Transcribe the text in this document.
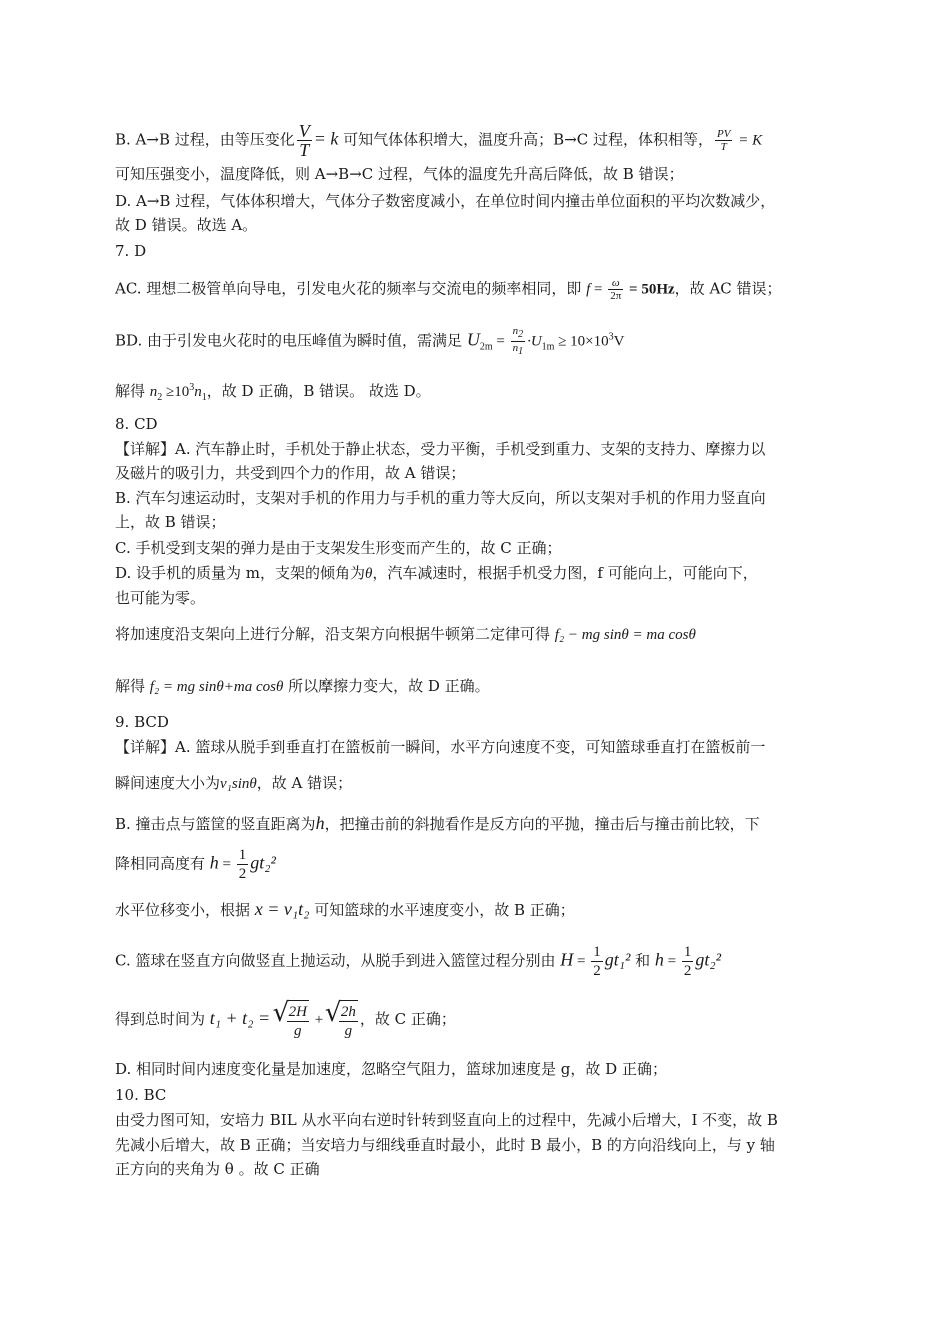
B. A→B 过程，由等压变化 $\frac{V}{T} = k$ 可知气体体积增大，温度升高；B→C 过程，体积相等， $\frac{PV}{T} = K$
可知压强变小，温度降低，则 A→B→C 过程，气体的温度先升高后降低，故 B 错误；
D. A→B 过程，气体体积增大，气体分子数密度减小，在单位时间内撞击单位面积的平均次数减少，
故 D 错误。故选 A。
7. D
AC. 理想二极管单向导电，引发电火花的频率与交流电的频率相同，即 $f = \frac{\omega}{2\pi} = 50Hz$，故 AC 错误；
BD. 由于引发电火花时的电压峰值为瞬时值，需满足 $U_{2m} = \frac{n_2}{n_1} \cdot U_{1m} \ge 10\times 10^3V$
解得 $n_2 \ge 10^3n_1$，故 D 正确，B 错误。 故选 D。
8. CD
【详解】A. 汽车静止时，手机处于静止状态，受力平衡，手机受到重力、支架的支持力、摩擦力以
及磁片的吸引力，共受到四个力的作用，故 A 错误；
B. 汽车匀速运动时，支架对手机的作用力与手机的重力等大反向，所以支架对手机的作用力竖直向
上，故 B 错误；
C. 手机受到支架的弹力是由于支架发生形变而产生的，故 C 正确；
D. 设手机的质量为 m，支架的倾角为θ，汽车减速时，根据手机受力图，f 可能向上，可能向下，
也可能为零。
将加速度沿支架向上进行分解，沿支架方向根据牛顿第二定律可得 f₂ − mg sinθ = ma cosθ
解得 f₂ = mg sinθ+ma cosθ 所以摩擦力变大，故 D 正确。
9. BCD
【详解】A. 篮球从脱手到垂直打在篮板前一瞬间，水平方向速度不变，可知篮球垂直打在篮板前一
瞬间速度大小为v₁sinθ，故 A 错误；
B. 撞击点与篮筐的竖直距离为h，把撞击前的斜抛看作是反方向的平抛，撞击后与撞击前比较，下
降相同高度有 $h = \frac{1}{2} gt_2^2$
水平位移变小，根据 x = v₁t₂ 可知篮球的水平速度变小，故 B 正确；
C. 篮球在竖直方向做竖直上抛运动，从脱手到进入篮筐过程分别由 $H = \frac{1}{2} gt_1^2$ 和 $h = \frac{1}{2} gt_2^2$
得到总时间为 t₁ + t₂ = √ $\frac{2H}{g}$ + √ $\frac{2h}{g}$ ，故 C 正确；
D. 相同时间内速度变化量是加速度，忽略空气阻力，篮球加速度是 g，故 D 正确；
10. BC
由受力图可知，安培力 BIL 从水平向右逆时针转到竖直向上的过程中，先减小后增大，I 不变，故 B
先减小后增大，故 B 正确；当安培力与细线垂直时最小，此时 B 最小，B 的方向沿线向上，与 y 轴
正方向的夹角为 θ 。故 C 正确
